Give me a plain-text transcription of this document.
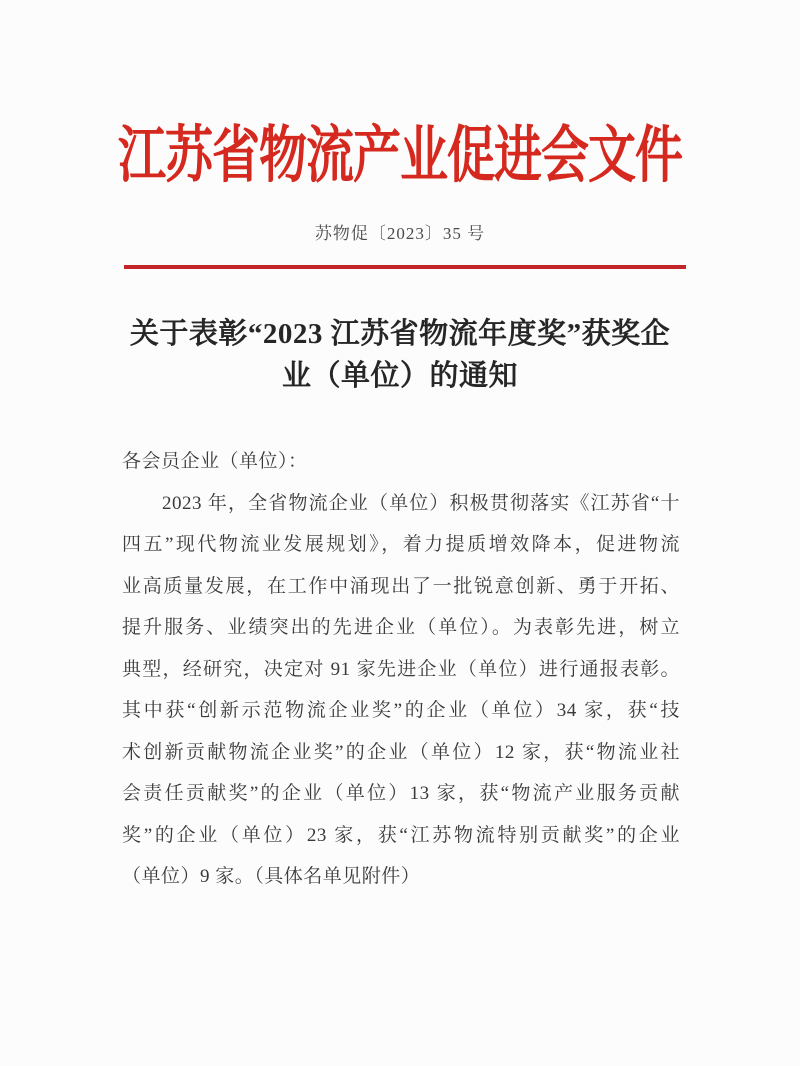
江苏省物流产业促进会文件
苏物促〔2023〕35 号
关于表彰“2023 江苏省物流年度奖”获奖企
业（单位）的通知
各会员企业（单位）：
2023 年，全省物流企业（单位）积极贯彻落实《江苏省“十
四五”现代物流业发展规划》，着力提质增效降本，促进物流
业高质量发展，在工作中涌现出了一批锐意创新、勇于开拓、
提升服务、业绩突出的先进企业（单位）。为表彰先进，树立
典型，经研究，决定对 91 家先进企业（单位）进行通报表彰。
其中获“创新示范物流企业奖”的企业（单位）34 家，获“技
术创新贡献物流企业奖”的企业（单位）12 家，获“物流业社
会责任贡献奖”的企业（单位）13 家，获“物流产业服务贡献
奖”的企业（单位）23 家，获“江苏物流特别贡献奖”的企业
（单位）9 家。（具体名单见附件）
